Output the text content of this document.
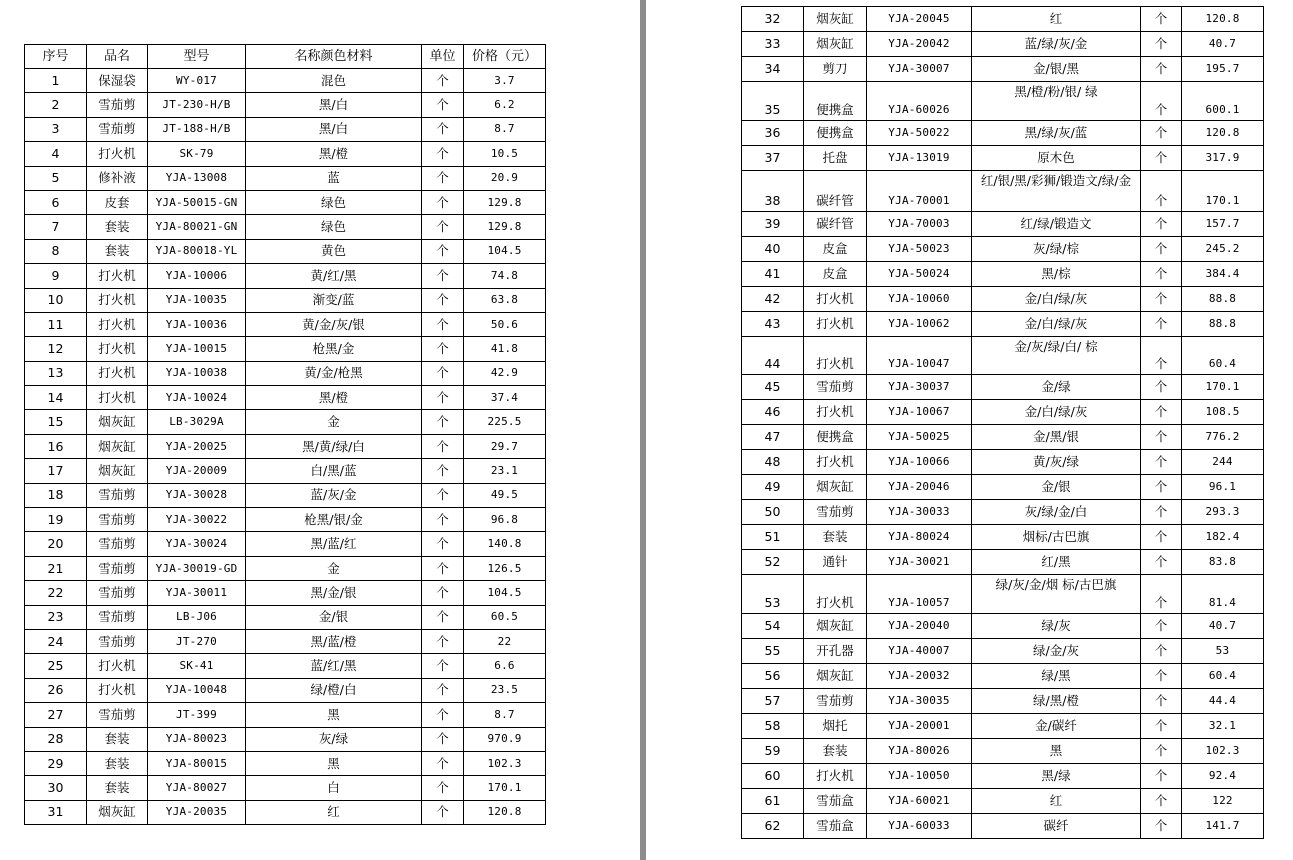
序号	品名	型号	名称颜色材料	单位	价格（元）
1	保湿袋	WY-017	混色	个	3.7
2	雪茄剪	JT-230-H/B	黑/白	个	6.2
3	雪茄剪	JT-188-H/B	黑/白	个	8.7
4	打火机	SK-79	黑/橙	个	10.5
5	修补液	YJA-13008	蓝	个	20.9
6	皮套	YJA-50015-GN	绿色	个	129.8
7	套装	YJA-80021-GN	绿色	个	129.8
8	套装	YJA-80018-YL	黄色	个	104.5
9	打火机	YJA-10006	黄/红/黑	个	74.8
10	打火机	YJA-10035	渐变/蓝	个	63.8
11	打火机	YJA-10036	黄/金/灰/银	个	50.6
12	打火机	YJA-10015	枪黑/金	个	41.8
13	打火机	YJA-10038	黄/金/枪黑	个	42.9
14	打火机	YJA-10024	黑/橙	个	37.4
15	烟灰缸	LB-3029A	金	个	225.5
16	烟灰缸	YJA-20025	黑/黄/绿/白	个	29.7
17	烟灰缸	YJA-20009	白/黑/蓝	个	23.1
18	雪茄剪	YJA-30028	蓝/灰/金	个	49.5
19	雪茄剪	YJA-30022	枪黑/银/金	个	96.8
20	雪茄剪	YJA-30024	黑/蓝/红	个	140.8
21	雪茄剪	YJA-30019-GD	金	个	126.5
22	雪茄剪	YJA-30011	黑/金/银	个	104.5
23	雪茄剪	LB-J06	金/银	个	60.5
24	雪茄剪	JT-270	黑/蓝/橙	个	22
25	打火机	SK-41	蓝/红/黑	个	6.6
26	打火机	YJA-10048	绿/橙/白	个	23.5
27	雪茄剪	JT-399	黑	个	8.7
28	套装	YJA-80023	灰/绿	个	970.9
29	套装	YJA-80015	黑	个	102.3
30	套装	YJA-80027	白	个	170.1
31	烟灰缸	YJA-20035	红	个	120.8
32	烟灰缸	YJA-20045	红	个	120.8
33	烟灰缸	YJA-20042	蓝/绿/灰/金	个	40.7
34	剪刀	YJA-30007	金/银/黑	个	195.7
35	便携盒	YJA-60026	黑/橙/粉/银/ 绿	个	600.1
36	便携盒	YJA-50022	黑/绿/灰/蓝	个	120.8
37	托盘	YJA-13019	原木色	个	317.9
38	碳纤管	YJA-70001	红/银/黑/彩狮/锻造文/绿/金	个	170.1
39	碳纤管	YJA-70003	红/绿/锻造文	个	157.7
40	皮盒	YJA-50023	灰/绿/棕	个	245.2
41	皮盒	YJA-50024	黑/棕	个	384.4
42	打火机	YJA-10060	金/白/绿/灰	个	88.8
43	打火机	YJA-10062	金/白/绿/灰	个	88.8
44	打火机	YJA-10047	金/灰/绿/白/ 棕	个	60.4
45	雪茄剪	YJA-30037	金/绿	个	170.1
46	打火机	YJA-10067	金/白/绿/灰	个	108.5
47	便携盒	YJA-50025	金/黑/银	个	776.2
48	打火机	YJA-10066	黄/灰/绿	个	244
49	烟灰缸	YJA-20046	金/银	个	96.1
50	雪茄剪	YJA-30033	灰/绿/金/白	个	293.3
51	套装	YJA-80024	烟标/古巴旗	个	182.4
52	通针	YJA-30021	红/黑	个	83.8
53	打火机	YJA-10057	绿/灰/金/烟 标/古巴旗	个	81.4
54	烟灰缸	YJA-20040	绿/灰	个	40.7
55	开孔器	YJA-40007	绿/金/灰	个	53
56	烟灰缸	YJA-20032	绿/黑	个	60.4
57	雪茄剪	YJA-30035	绿/黑/橙	个	44.4
58	烟托	YJA-20001	金/碳纤	个	32.1
59	套装	YJA-80026	黑	个	102.3
60	打火机	YJA-10050	黑/绿	个	92.4
61	雪茄盒	YJA-60021	红	个	122
62	雪茄盒	YJA-60033	碳纤	个	141.7
